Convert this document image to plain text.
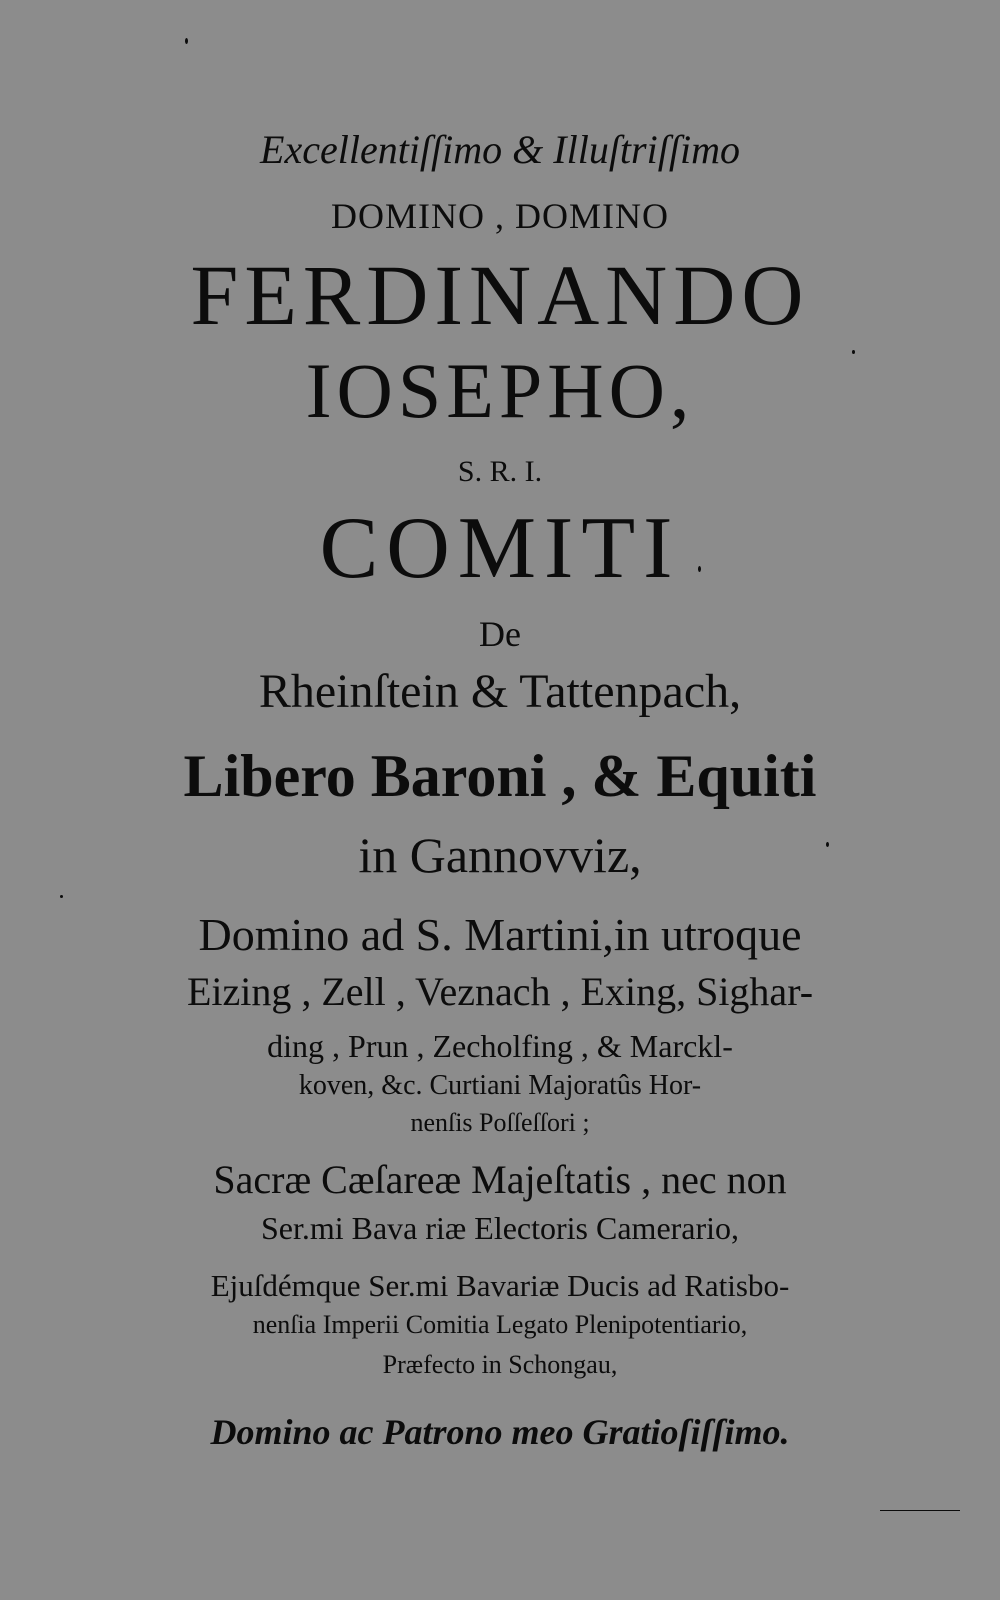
Excellentiſſimo & Illuſtriſſimo
DOMINO , DOMINO
FERDINANDO
IOSEPHO,
S. R. I.
COMITI
De
Rheinſtein & Tattenpach,
Libero Baroni , & Equiti
in Gannovviz,
Domino ad S. Martini,in utroque
Eizing , Zell , Veznach , Exing, Sighar-
ding , Prun , Zecholfing , & Marckl-
koven, &c. Curtiani Majoratûs Hor-
nenſis Poſſeſſori ;
Sacræ Cæſareæ Majeſtatis , nec non
Ser.mi Bava riæ Electoris Camerario,
Ejuſdémque Ser.mi Bavariæ Ducis ad Ratisbo-
nenſia Imperii Comitia Legato Plenipotentiario,
Præfecto in Schongau,
Domino ac Patrono meo Gratioſiſſimo.
